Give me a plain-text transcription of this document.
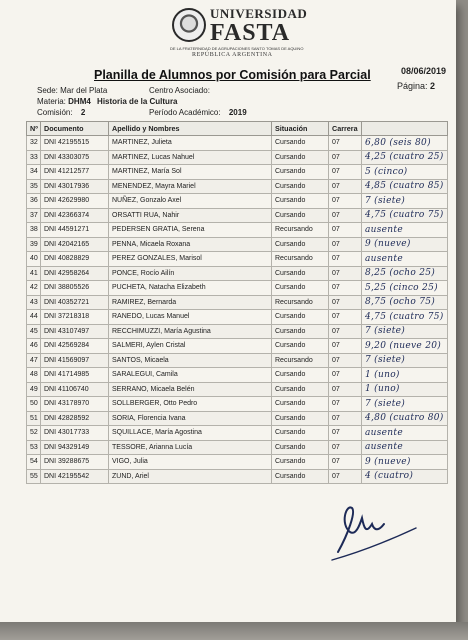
UNIVERSIDAD
FASTA
DE LA FRATERNIDAD DE AGRUPACIONES SANTO TOMAS DE AQUINO
REPÚBLICA ARGENTINA
Planilla de Alumnos por Comisión para Parcial	08/06/2019
Página: 2
Sede: Mar del Plata	Centro Asociado:
Materia: DHM4 Historia de la Cultura
Comisión: 2	Período Académico: 2019
Nº	Documento	Apellido y Nombres	Situación	Carrera	
32	DNI 42195515	MARTINEZ, Julieta	Cursando	07	6,80 (seis 80)
33	DNI 43303075	MARTINEZ, Lucas Nahuel	Cursando	07	4,25 (cuatro 25)
34	DNI 41212577	MARTINEZ, María Sol	Cursando	07	5 (cinco)
35	DNI 43017936	MENENDEZ, Mayra Mariel	Cursando	07	4,85 (cuatro 85)
36	DNI 42629980	NUÑEZ, Gonzalo Axel	Cursando	07	7 (siete)
37	DNI 42366374	ORSATTI RUA, Nahir	Cursando	07	4,75 (cuatro 75)
38	DNI 44591271	PEDERSEN GRATIA, Serena	Recursando	07	ausente
39	DNI 42042165	PENNA, Micaela Roxana	Cursando	07	9 (nueve)
40	DNI 40828829	PEREZ GONZALES, Marisol	Recursando	07	ausente
41	DNI 42958264	PONCE, Rocío Ailín	Cursando	07	8,25 (ocho 25)
42	DNI 38805526	PUCHETA, Natacha Elizabeth	Cursando	07	5,25 (cinco 25)
43	DNI 40352721	RAMIREZ, Bernarda	Recursando	07	8,75 (ocho 75)
44	DNI 37218318	RANEDO, Lucas Manuel	Cursando	07	4,75 (cuatro 75)
45	DNI 43107497	RECCHIMUZZI, María Agustina	Cursando	07	7 (siete)
46	DNI 42569284	SALMERI, Aylen Cristal	Cursando	07	9,20 (nueve 20)
47	DNI 41569097	SANTOS, Micaela	Recursando	07	7 (siete)
48	DNI 41714985	SARALEGUI, Camila	Cursando	07	1 (uno)
49	DNI 41106740	SERRANO, Micaela Belén	Cursando	07	1 (uno)
50	DNI 43178970	SOLLBERGER, Otto Pedro	Cursando	07	7 (siete)
51	DNI 42828592	SORIA, Florencia Ivana	Cursando	07	4,80 (cuatro 80)
52	DNI 43017733	SQUILLACE, María Agostina	Cursando	07	ausente
53	DNI 94329149	TESSORE, Arianna Lucía	Cursando	07	ausente
54	DNI 39288675	VIGO, Julia	Cursando	07	9 (nueve)
55	DNI 42195542	ZUND, Ariel	Cursando	07	4 (cuatro)
